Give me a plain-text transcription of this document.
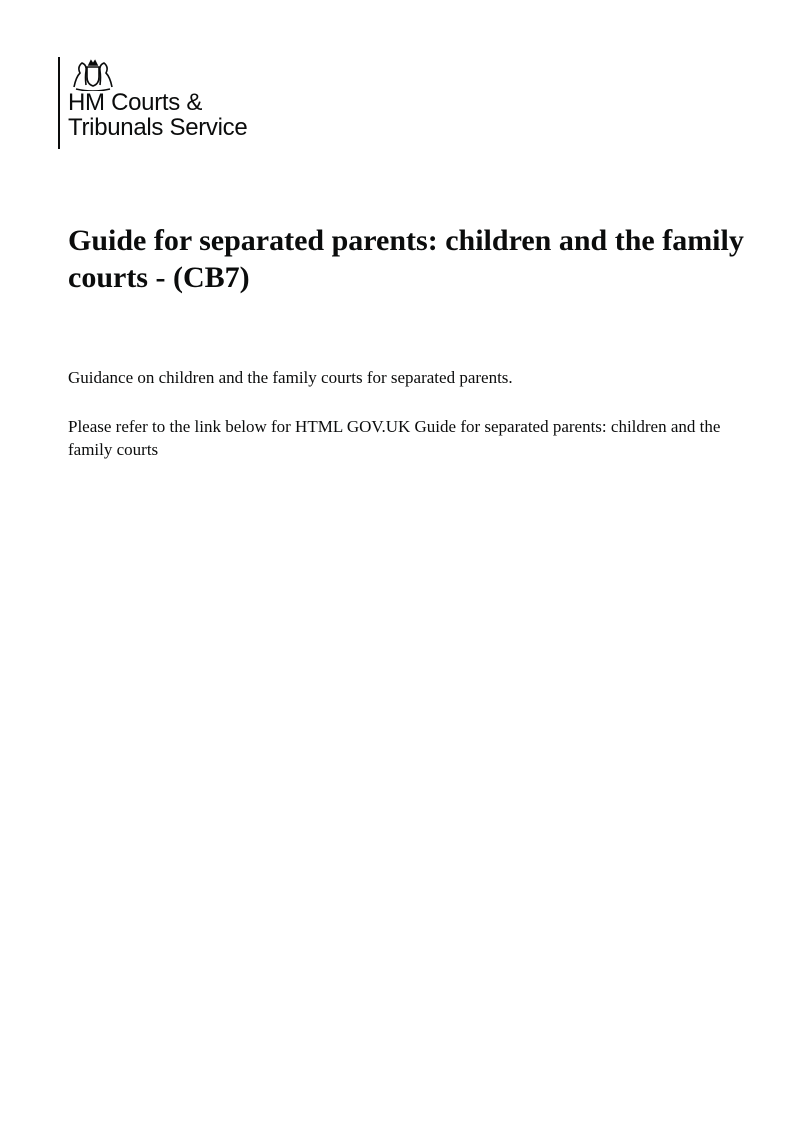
HM Courts &
Tribunals Service
Guide for separated parents: children and the family courts - (CB7)

Guidance on children and the family courts for separated parents.

Please refer to the link below for HTML GOV.UK Guide for separated parents: children and the family courts
